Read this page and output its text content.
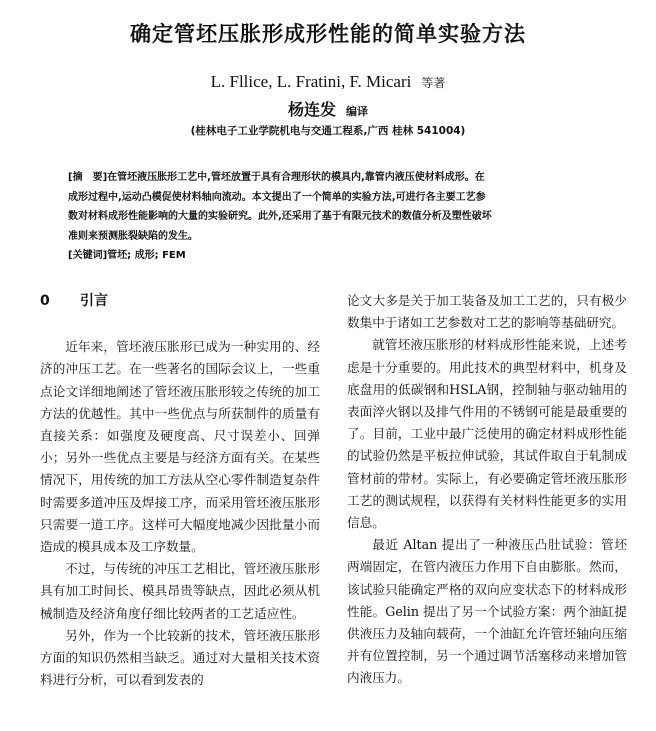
确定管坯压胀形成形性能的简单实验方法
L. Fllice, L. Fratini, F. Micari 等著
杨连发 编译
(桂林电子工业学院机电与交通工程系,广西 桂林 541004)

[摘　要]在管坯液压胀形工艺中,管坯放置于具有合理形状的模具内,靠管内液压使材料成形。在

成形过程中,运动凸模促使材料轴向流动。本文提出了一个简单的实验方法,可进行各主要工艺参

数对材料成形性能影响的大量的实验研究。此外,还采用了基于有限元技术的数值分析及塑性破坏

准则来预测胀裂缺陷的发生。

[关键词]管坯; 成形; FEM

0 引言

近年来，管坯液压胀形已成为一种实用的、经济的冲压工艺。在一些著名的国际会议上，一些重点论文详细地阐述了管坯液压胀形较之传统的加工方法的优越性。其中一些优点与所获制件的质量有直接关系：如强度及硬度高、尺寸误差小、回弹小；另外一些优点主要是与经济方面有关。在某些情况下，用传统的加工方法从空心零件制造复杂件时需要多道冲压及焊接工序，而采用管坯液压胀形只需要一道工序。这样可大幅度地减少因批量小而造成的模具成本及工序数量。

不过，与传统的冲压工艺相比，管坯液压胀形具有加工时间长、模具昂贵等缺点，因此必须从机械制造及经济角度仔细比较两者的工艺适应性。

另外，作为一个比较新的技术，管坯液压胀形方面的知识仍然相当缺乏。通过对大量相关技术资料进行分析，可以看到发表的

论文大多是关于加工装备及加工工艺的，只有极少数集中于诸如工艺参数对工艺的影响等基础研究。

就管坯液压胀形的材料成形性能来说，上述考虑是十分重要的。用此技术的典型材料中，机身及底盘用的低碳钢和HSLA钢，控制轴与驱动轴用的表面淬火钢以及排气件用的不锈钢可能是最重要的了。目前，工业中最广泛使用的确定材料成形性能的试验仍然是平板拉伸试验，其试件取自于轧制成管材前的带材。实际上，有必要确定管坯液压胀形工艺的测试规程，以获得有关材料性能更多的实用信息。

最近 Altan 提出了一种液压凸肚试验：管坯两端固定，在管内液压力作用下自由膨胀。然而，该试验只能确定严格的双向应变状态下的材料成形性能。Gelin 提出了另一个试验方案：两个油缸提供液压力及轴向载荷，一个油缸允许管坯轴向压缩并有位置控制，另一个通过调节活塞移动来增加管内液压力。
